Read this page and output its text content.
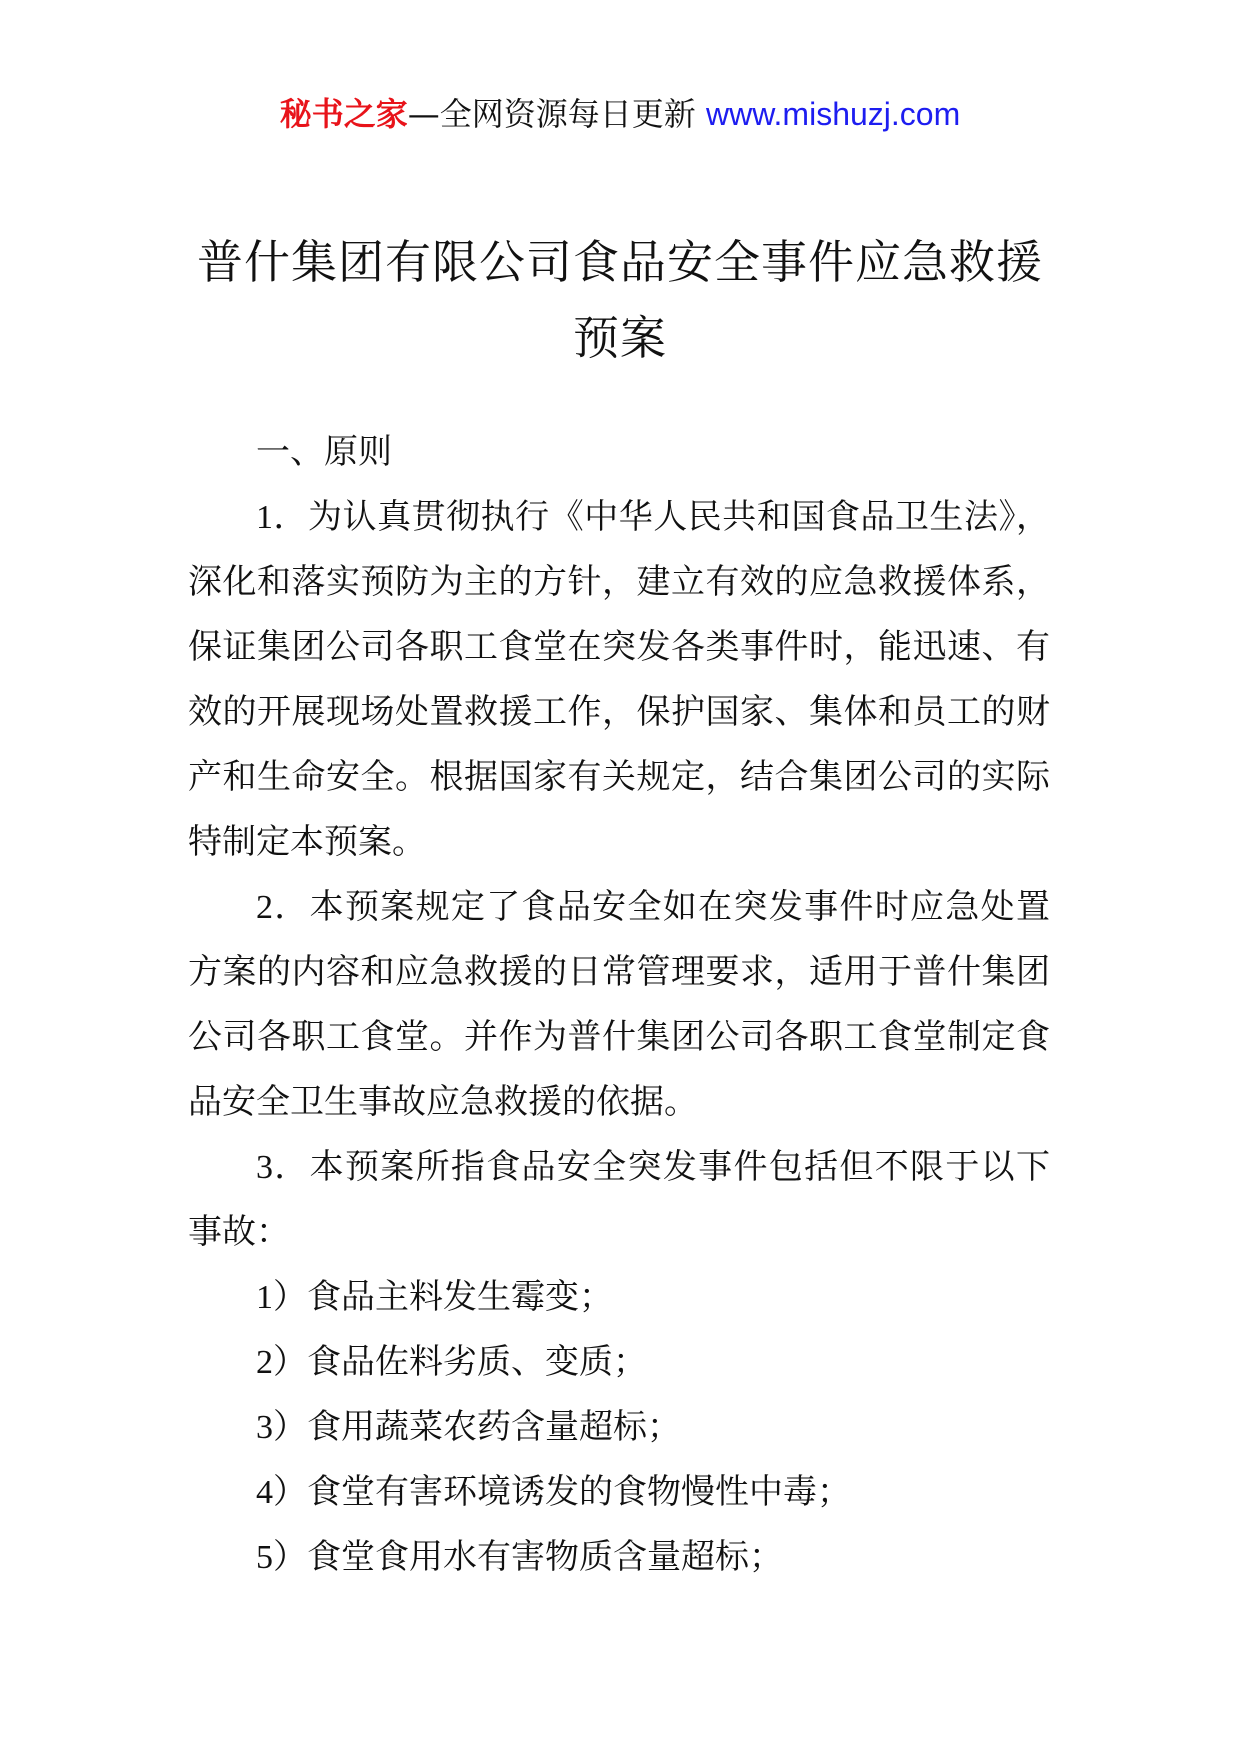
秘书之家—全网资源每日更新 www.mishuzj.com
普什集团有限公司食品安全事件应急救援预案

一、原则

1．为认真贯彻执行《中华人民共和国食品卫生法》，深化和落实预防为主的方针，建立有效的应急救援体系，保证集团公司各职工食堂在突发各类事件时，能迅速、有效的开展现场处置救援工作，保护国家、集体和员工的财产和生命安全。根据国家有关规定，结合集团公司的实际特制定本预案。

2．本预案规定了食品安全如在突发事件时应急处置方案的内容和应急救援的日常管理要求，适用于普什集团公司各职工食堂。并作为普什集团公司各职工食堂制定食品安全卫生事故应急救援的依据。

3．本预案所指食品安全突发事件包括但不限于以下事故：

1）食品主料发生霉变；

2）食品佐料劣质、变质；

3）食用蔬菜农药含量超标；

4）食堂有害环境诱发的食物慢性中毒；

5）食堂食用水有害物质含量超标；
